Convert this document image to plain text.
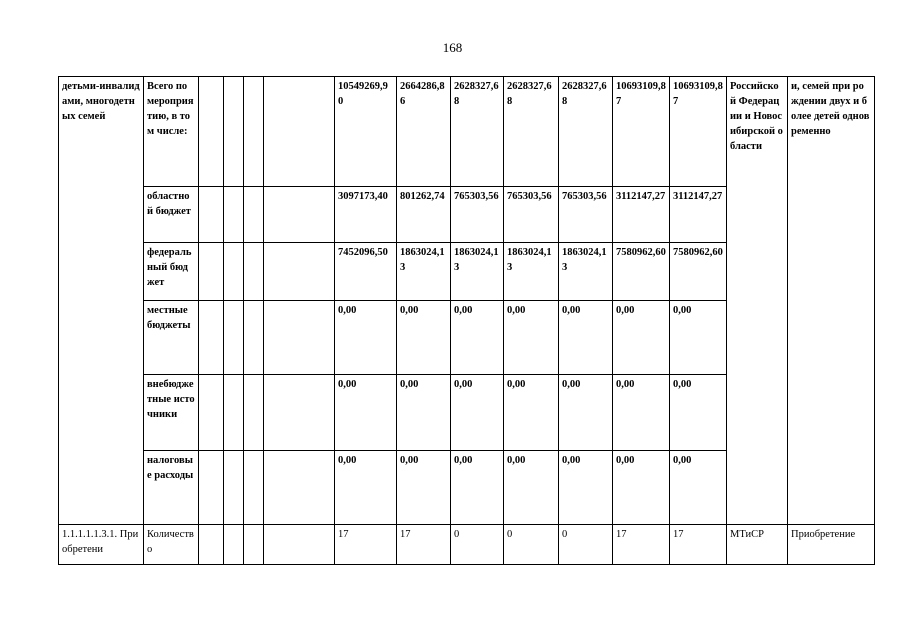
168
детьми-инвалидами, многодетных семей	Всего по мероприятию, в том числе:					10549269,90	2664286,86	2628327,68	2628327,68	2628327,68	10693109,87	10693109,87	Российской Федерации и Новосибирской области	и, семей при рождении двух и более детей одновременно
	областной бюджет					3097173,40	801262,74	765303,56	765303,56	765303,56	3112147,27	3112147,27		
	федеральный бюджет					7452096,50	1863024,13	1863024,13	1863024,13	1863024,13	7580962,60	7580962,60		
	местные бюджеты					0,00	0,00	0,00	0,00	0,00	0,00	0,00		
	внебюджетные источники					0,00	0,00	0,00	0,00	0,00	0,00	0,00		
	налоговые расходы					0,00	0,00	0,00	0,00	0,00	0,00	0,00		
1.1.1.1.1.3.1. Приобретени	Количество					17	17	0	0	0	17	17	МТиСР	Приобретение
